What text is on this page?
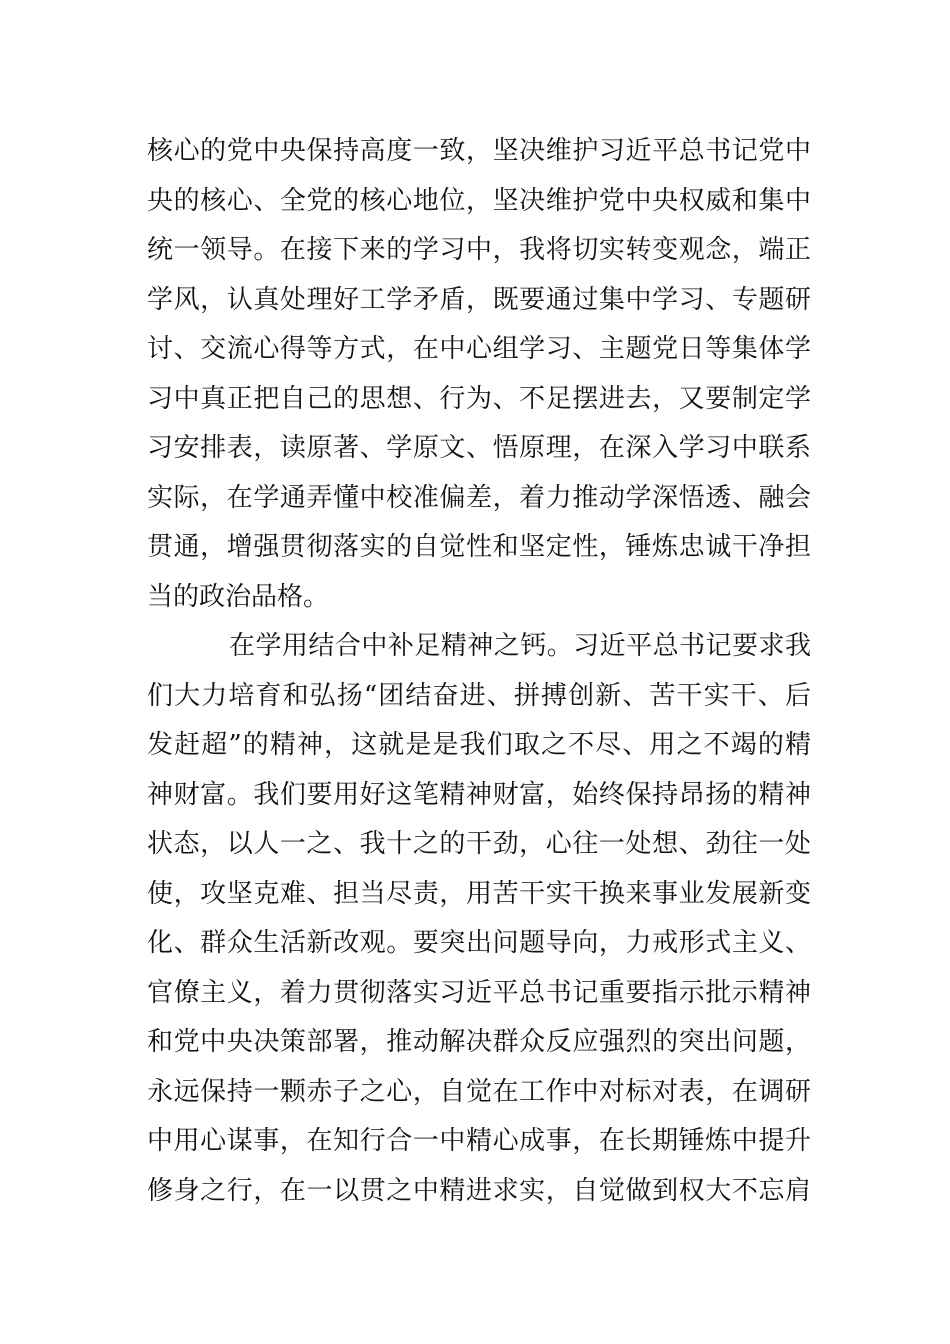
核心的党中央保持高度一致，坚决维护习近平总书记党中
央的核心、全党的核心地位，坚决维护党中央权威和集中
统一领导。在接下来的学习中，我将切实转变观念，端正
学风，认真处理好工学矛盾，既要通过集中学习、专题研
讨、交流心得等方式，在中心组学习、主题党日等集体学
习中真正把自己的思想、行为、不足摆进去，又要制定学
习安排表，读原著、学原文、悟原理，在深入学习中联系
实际，在学通弄懂中校准偏差，着力推动学深悟透、融会
贯通，增强贯彻落实的自觉性和坚定性，锤炼忠诚干净担
当的政治品格。
在学用结合中补足精神之钙。习近平总书记要求我
们大力培育和弘扬“团结奋进、拼搏创新、苦干实干、后
发赶超”的精神，这就是是我们取之不尽、用之不竭的精
神财富。我们要用好这笔精神财富，始终保持昂扬的精神
状态，以人一之、我十之的干劲，心往一处想、劲往一处
使，攻坚克难、担当尽责，用苦干实干换来事业发展新变
化、群众生活新改观。要突出问题导向，力戒形式主义、
官僚主义，着力贯彻落实习近平总书记重要指示批示精神
和党中央决策部署，推动解决群众反应强烈的突出问题，
永远保持一颗赤子之心，自觉在工作中对标对表，在调研
中用心谋事，在知行合一中精心成事，在长期锤炼中提升
修身之行，在一以贯之中精进求实，自觉做到权大不忘肩
